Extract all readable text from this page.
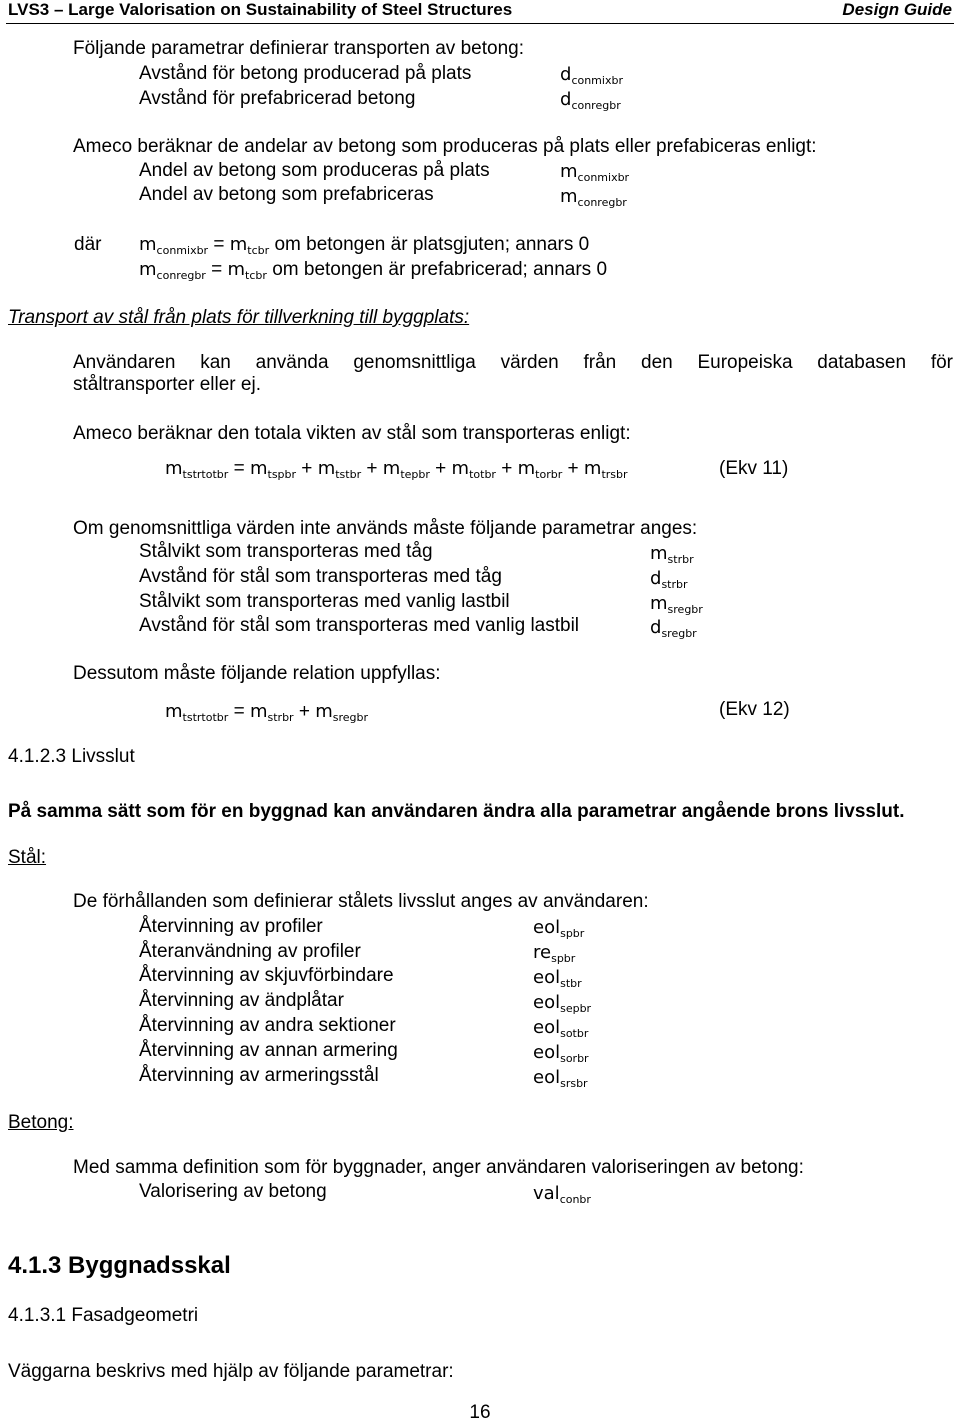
LVS3 – Large Valorisation on Sustainability of Steel Structures	Design Guide
Följande parametrar definierar transporten av betong:
Avstånd för betong producerad på plats	$d_{conmixbr}$
Avstånd för prefabricerad betong	$d_{conregbr}$
Ameco beräknar de andelar av betong som produceras på plats eller prefabiceras enligt:
Andel av betong som produceras på plats	$m_{conmixbr}$
Andel av betong som prefabriceras	$m_{conregbr}$
där $m_{conmixbr} = m_{tcbr}$ om betongen är platsgjuten; annars 0
$m_{conregbr} = m_{tcbr}$ om betongen är prefabricerad; annars 0
Transport av stål från plats för tillverkning till byggplats:
Användaren kan använda genomsnittliga värden från den Europeiska databasen för
ståltransporter eller ej.
Ameco beräknar den totala vikten av stål som transporteras enligt:
$m_{tstrtotbr} = m_{tspbr} + m_{tstbr} + m_{tepbr} + m_{totbr} + m_{torbr} + m_{trsbr}$	(Ekv 11)
Om genomsnittliga värden inte används måste följande parametrar anges:
Stålvikt som transporteras med tåg	$m_{strbr}$
Avstånd för stål som transporteras med tåg	$d_{strbr}$
Stålvikt som transporteras med vanlig lastbil	$m_{sregbr}$
Avstånd för stål som transporteras med vanlig lastbil	$d_{sregbr}$
Dessutom måste följande relation uppfyllas:
$m_{tstrtotbr} = m_{strbr} + m_{sregbr}$	(Ekv 12)
4.1.2.3 Livsslut
På samma sätt som för en byggnad kan användaren ändra alla parametrar angående brons livsslut.
Stål:
De förhållanden som definierar stålets livsslut anges av användaren:
Återvinning av profiler	eol$_{spbr}$
Återanvändning av profiler	$re_{spbr}$
Återvinning av skjuvförbindare	eol$_{stbr}$
Återvinning av ändplåtar	eol$_{sepbr}$
Återvinning av andra sektioner	eol$_{sotbr}$
Återvinning av annan armering	eol$_{sorbr}$
Återvinning av armeringsstål	eol$_{srsbr}$
Betong:
Med samma definition som för byggnader, anger användaren valoriseringen av betong:
Valorisering av betong	val$_{conbr}$
4.1.3 Byggnadsskal
4.1.3.1 Fasadgeometri
Väggarna beskrivs med hjälp av följande parametrar:
16
